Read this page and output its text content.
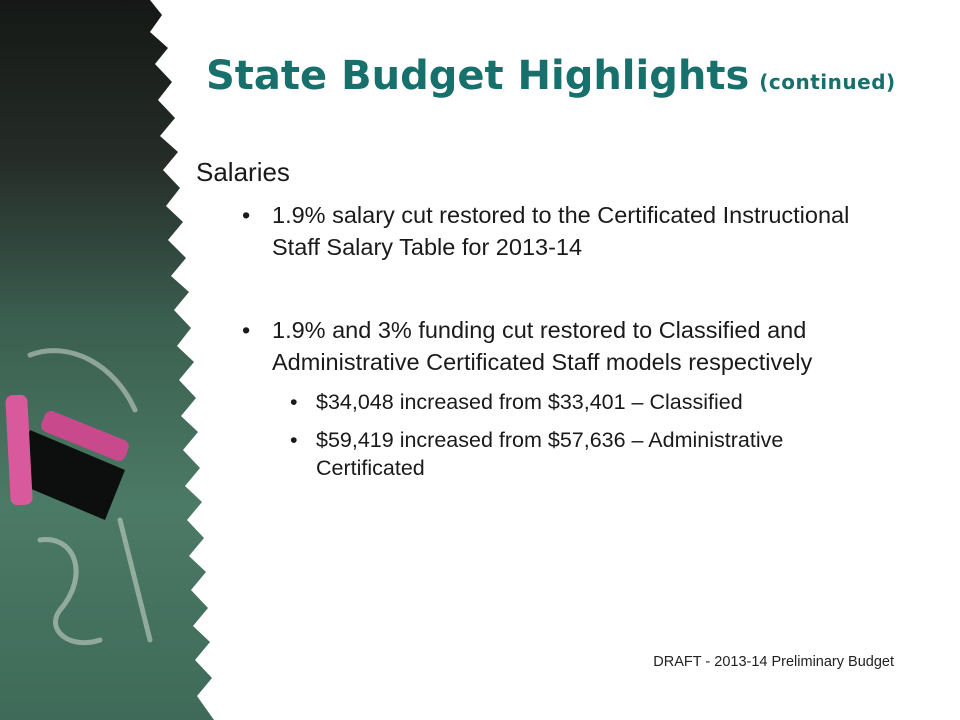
State Budget Highlights (continued)
Salaries
• 1.9% salary cut restored to the Certificated Instructional Staff Salary Table for 2013-14
• 1.9% and 3% funding cut restored to Classified and Administrative Certificated Staff models respectively
• $34,048 increased from $33,401 – Classified
• $59,419 increased from $57,636 – Administrative Certificated
DRAFT - 2013-14 Preliminary Budget
